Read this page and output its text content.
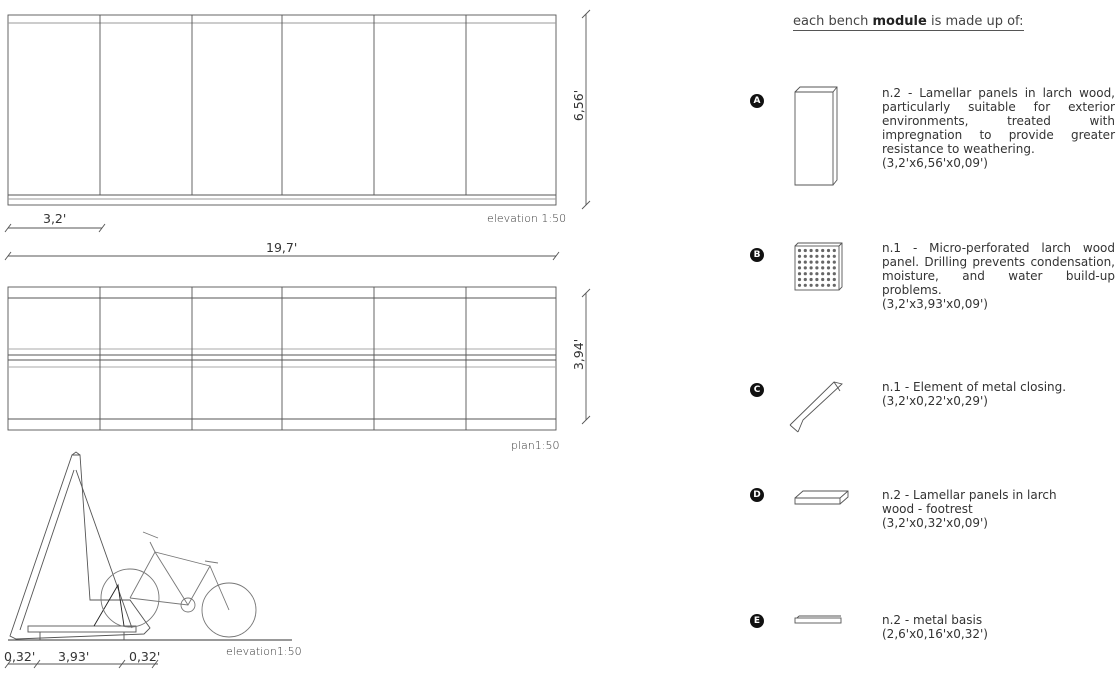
6,56'
elevation 1:50
3,2'
19,7'
3,94'
plan1:50
elevation1:50
0,32' 3,93'	0,32'
each bench module is made up of:
A
n.2 - Lamellar panels in larch wood, particularly suitable for exterior environments, treated with impregnation to provide greater resistance to weathering.
(3,2'x6,56'x0,09')
B	n.1 - Micro-perforated larch wood panel. Drilling prevents condensation, moisture, and water build-up problems.
(3,2'x3,93'x0,09')
C	n.1 - Element of metal closing.
(3,2'x0,22'x0,29')
D	n.2 - Lamellar panels in larch wood - footrest
(3,2'x0,32'x0,09')
E	n.2 - metal basis
(2,6'x0,16'x0,32')
